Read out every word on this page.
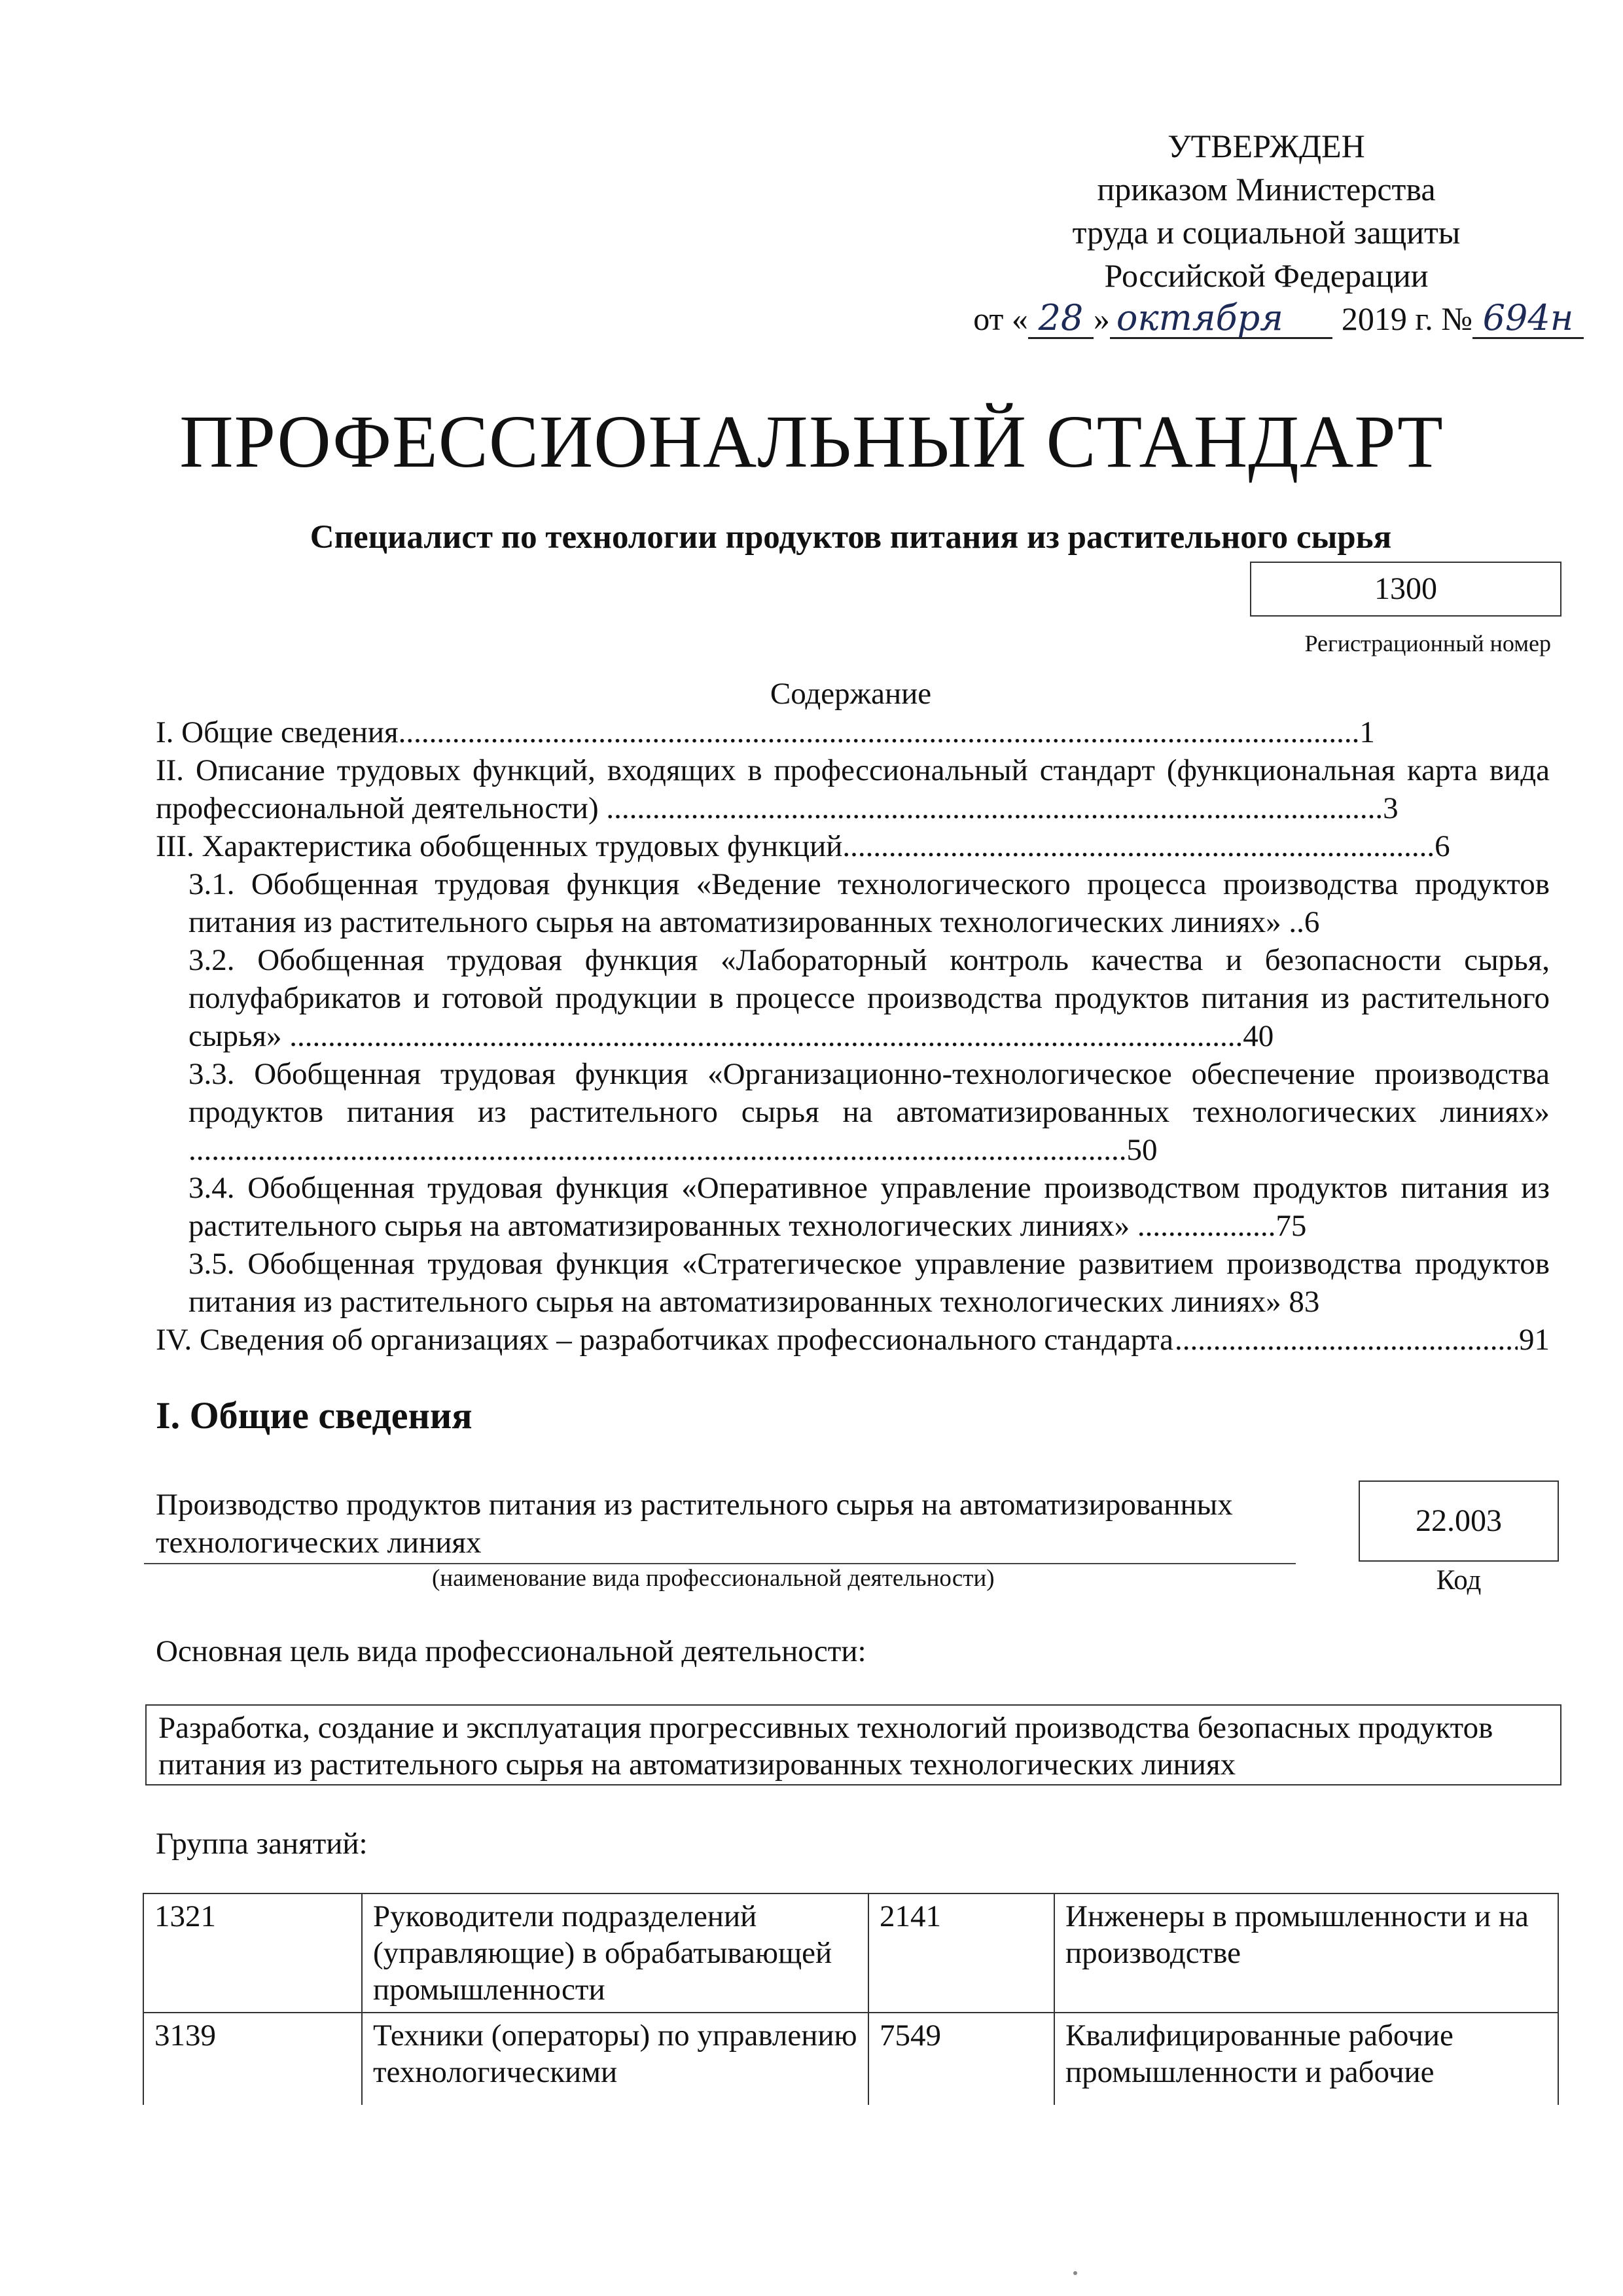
УТВЕРЖДЕН
приказом Министерства
труда и социальной защиты
Российской Федерации
от « 28 » октября	2019 г. № 694н
ПРОФЕССИОНАЛЬНЫЙ СТАНДАРТ
Специалист по технологии продуктов питания из растительного сырья
1300
Регистрационный номер
Содержание
I. Общие сведения.............................................................................................................................1
II. Описание трудовых функций, входящих в профессиональный стандарт (функциональная карта вида профессиональной деятельности) .....................................................................................................3
III. Характеристика обобщенных трудовых функций.............................................................................6
3.1. Обобщенная трудовая функция «Ведение технологического процесса производства продуктов питания из растительного сырья на автоматизированных технологических линиях» ..6
3.2. Обобщенная трудовая функция «Лабораторный контроль качества и безопасности сырья, полуфабрикатов и готовой продукции в процессе производства продуктов питания из растительного сырья» ............................................................................................................................40
3.3. Обобщенная трудовая функция «Организационно-технологическое обеспечение производства продуктов питания из растительного сырья на автоматизированных технологических линиях» ..........................................................................................................................50
3.4. Обобщенная трудовая функция «Оперативное управление производством продуктов питания из растительного сырья на автоматизированных технологических линиях» ..................75
3.5. Обобщенная трудовая функция «Стратегическое управление развитием производства продуктов питания из растительного сырья на автоматизированных технологических линиях» 83
IV. Сведения об организациях – разработчиках профессионального стандарта .....	91
I. Общие сведения
Производство продуктов питания из растительного сырья на автоматизированных технологических линиях
(наименование вида профессиональной деятельности)
22.003
Код
Основная цель вида профессиональной деятельности:
Разработка, создание и эксплуатация прогрессивных технологий производства безопасных продуктов питания из растительного сырья на автоматизированных технологических линиях
Группа занятий:
1321	Руководители подразделений (управляющие) в обрабатывающей промышленности	2141	Инженеры в промышленности и на производстве
3139	Техники (операторы) по управлению технологическими	7549	Квалифицированные рабочие промышленности и рабочие
